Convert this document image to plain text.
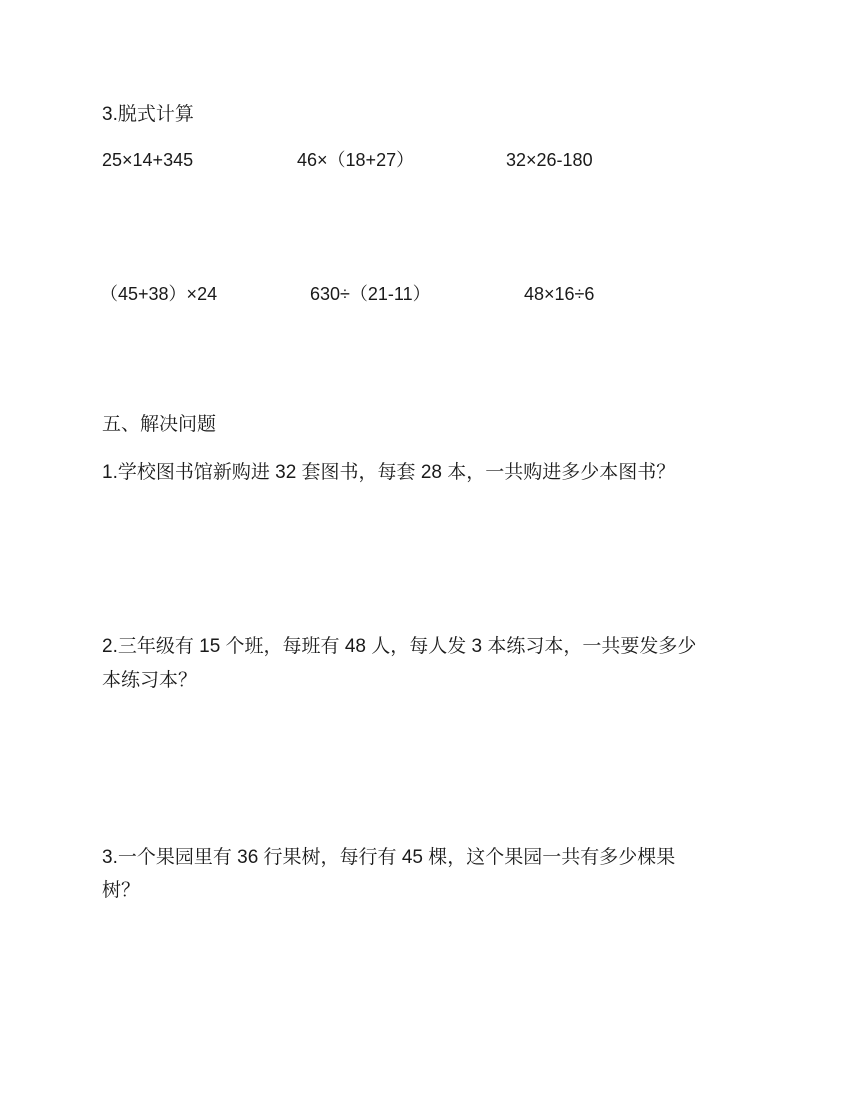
3.脱式计算
25×14+345	46×（18+27）	32×26-180
（45+38）×24	630÷（21-11）	48×16÷6
五、解决问题
1.学校图书馆新购进 32 套图书，每套 28 本，一共购进多少本图书？
2.三年级有 15 个班，每班有 48 人，每人发 3 本练习本，一共要发多少
本练习本？
3.一个果园里有 36 行果树，每行有 45 棵，这个果园一共有多少棵果
树？
